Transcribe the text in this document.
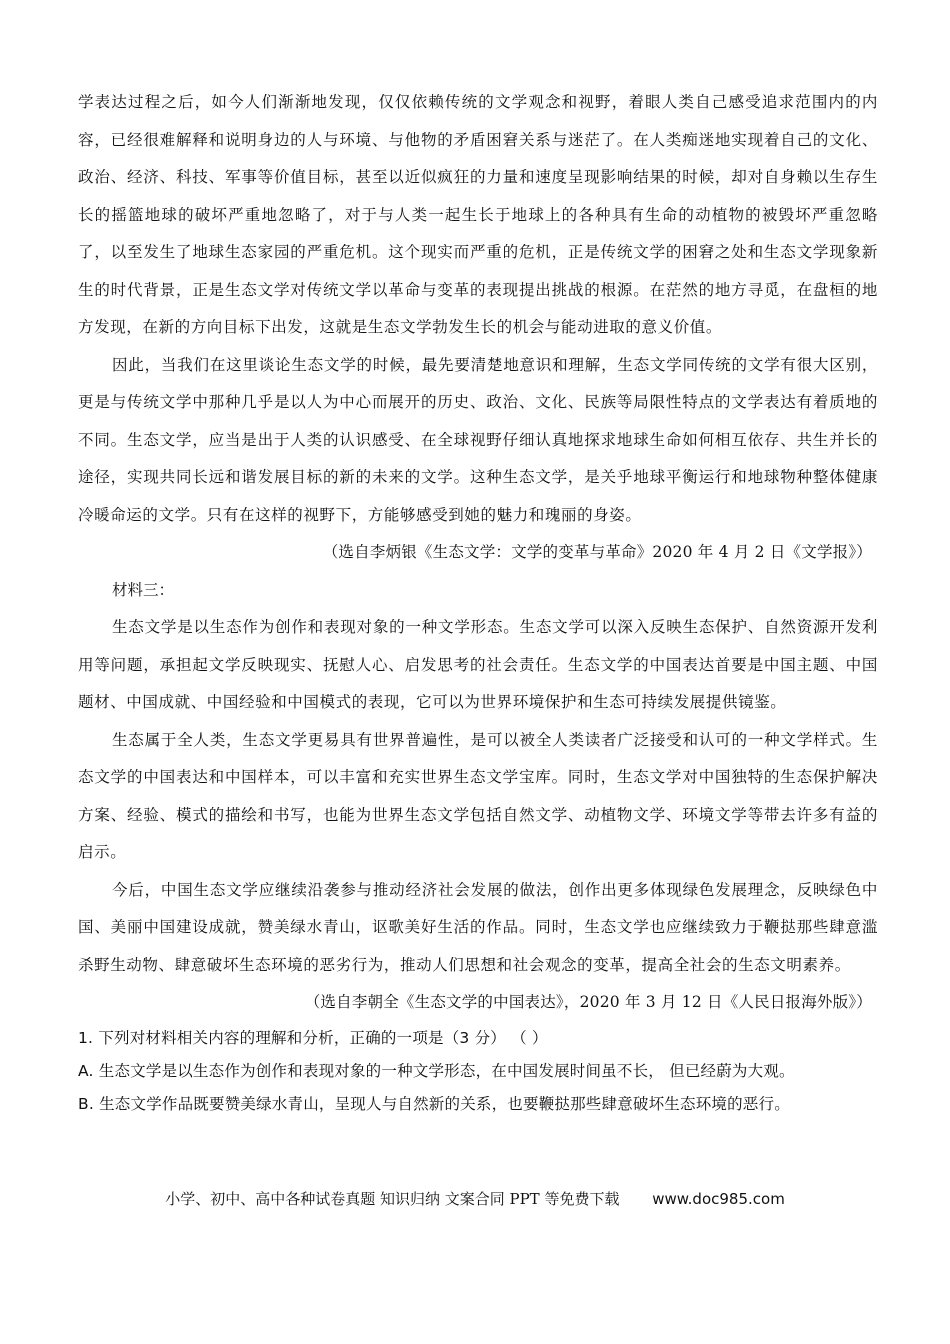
学表达过程之后，如今人们渐渐地发现，仅仅依赖传统的文学观念和视野，着眼人类自己感受追求范围内的内容，已经很难解释和说明身边的人与环境、与他物的矛盾困窘关系与迷茫了。在人类痴迷地实现着自己的文化、政治、经济、科技、军事等价值目标，甚至以近似疯狂的力量和速度呈现影响结果的时候，却对自身赖以生存生长的摇篮地球的破坏严重地忽略了，对于与人类一起生长于地球上的各种具有生命的动植物的被毁坏严重忽略了，以至发生了地球生态家园的严重危机。这个现实而严重的危机，正是传统文学的困窘之处和生态文学现象新生的时代背景，正是生态文学对传统文学以革命与变革的表现提出挑战的根源。在茫然的地方寻觅，在盘桓的地方发现，在新的方向目标下出发，这就是生态文学勃发生长的机会与能动进取的意义价值。

因此，当我们在这里谈论生态文学的时候，最先要清楚地意识和理解，生态文学同传统的文学有很大区别，更是与传统文学中那种几乎是以人为中心而展开的历史、政治、文化、民族等局限性特点的文学表达有着质地的不同。生态文学，应当是出于人类的认识感受、在全球视野仔细认真地探求地球生命如何相互依存、共生并长的途径，实现共同长远和谐发展目标的新的未来的文学。这种生态文学，是关乎地球平衡运行和地球物种整体健康冷暖命运的文学。只有在这样的视野下，方能够感受到她的魅力和瑰丽的身姿。

（选自李炳银《生态文学：文学的变革与革命》2020 年 4 月 2 日《文学报》）

材料三：

生态文学是以生态作为创作和表现对象的一种文学形态。生态文学可以深入反映生态保护、自然资源开发利用等问题，承担起文学反映现实、抚慰人心、启发思考的社会责任。生态文学的中国表达首要是中国主题、中国题材、中国成就、中国经验和中国模式的表现，它可以为世界环境保护和生态可持续发展提供镜鉴。

生态属于全人类，生态文学更易具有世界普遍性，是可以被全人类读者广泛接受和认可的一种文学样式。生态文学的中国表达和中国样本，可以丰富和充实世界生态文学宝库。同时，生态文学对中国独特的生态保护解决方案、经验、模式的描绘和书写，也能为世界生态文学包括自然文学、动植物文学、环境文学等带去许多有益的启示。

今后，中国生态文学应继续沿袭参与推动经济社会发展的做法，创作出更多体现绿色发展理念，反映绿色中国、美丽中国建设成就，赞美绿水青山，讴歌美好生活的作品。同时，生态文学也应继续致力于鞭挞那些肆意滥杀野生动物、肆意破坏生态环境的恶劣行为，推动人们思想和社会观念的变革，提高全社会的生态文明素养。

（选自李朝全《生态文学的中国表达》，2020 年 3 月 12 日《人民日报海外版》）

1. 下列对材料相关内容的理解和分析，正确的一项是（3 分） （ ）

A. 生态文学是以生态作为创作和表现对象的一种文学形态，在中国发展时间虽不长， 但已经蔚为大观。

B. 生态文学作品既要赞美绿水青山，呈现人与自然新的关系，也要鞭挞那些肆意破坏生态环境的恶行。

小学、初中、高中各种试卷真题 知识归纳 文案合同 PPT 等免费下载 www.doc985.com
